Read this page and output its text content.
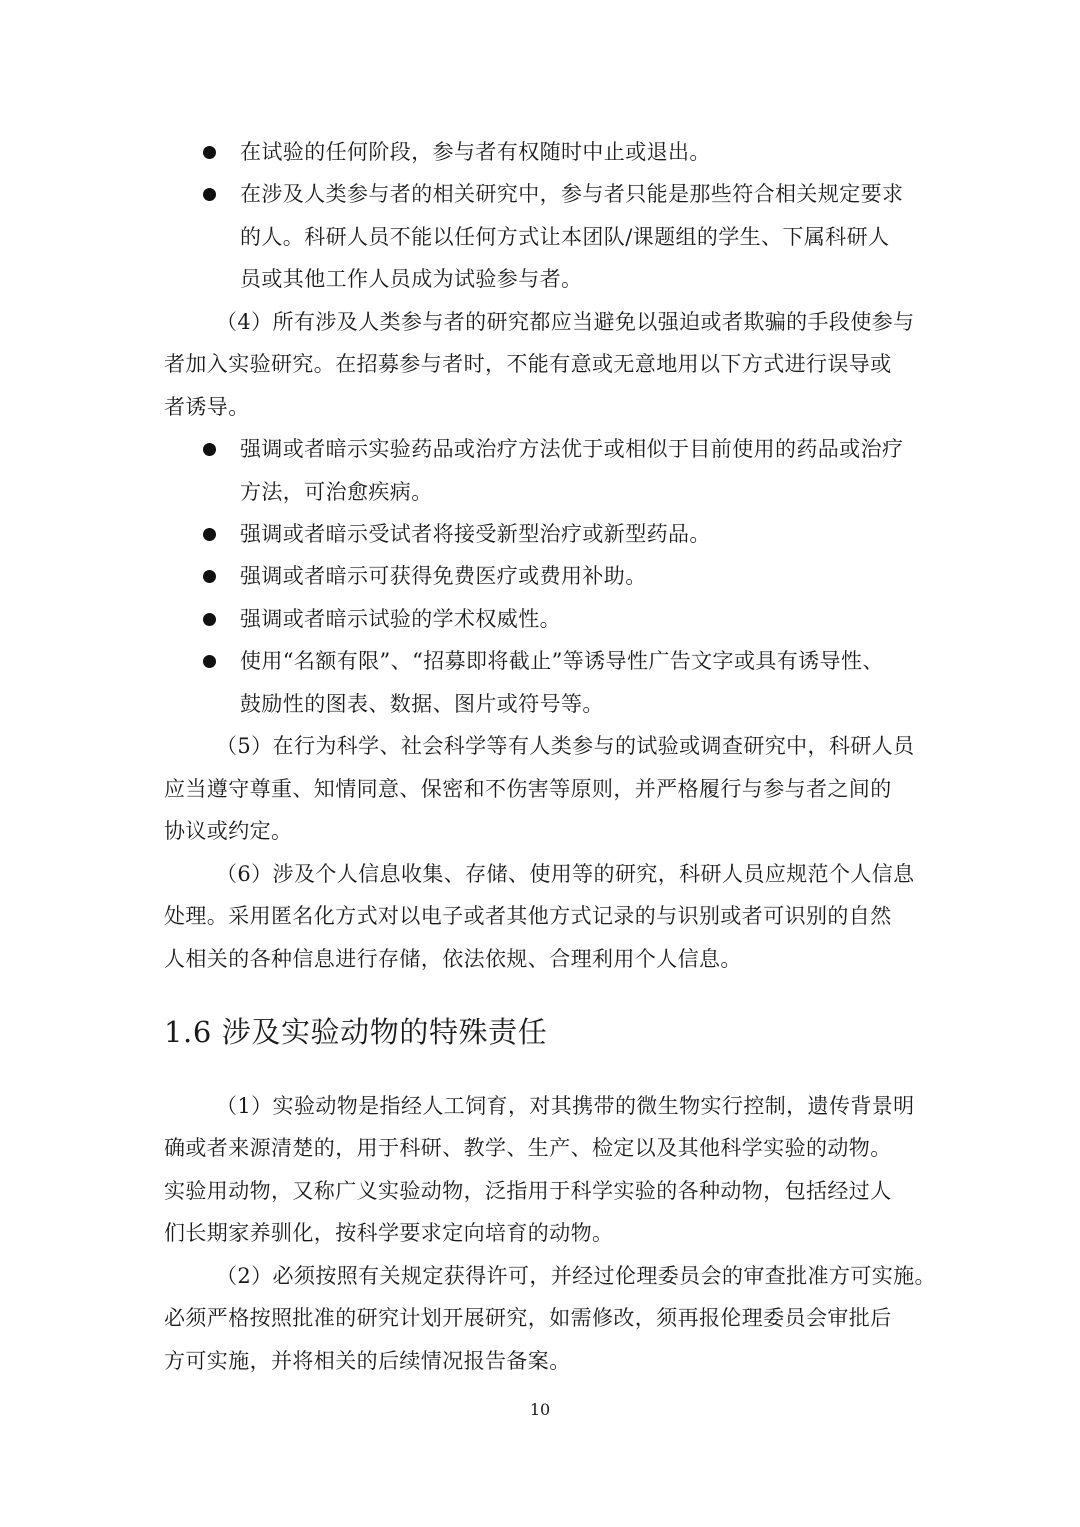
在试验的任何阶段，参与者有权随时中止或退出。
在涉及人类参与者的相关研究中，参与者只能是那些符合相关规定要求
的人。科研人员不能以任何方式让本团队/课题组的学生、下属科研人
员或其他工作人员成为试验参与者。
（4）所有涉及人类参与者的研究都应当避免以强迫或者欺骗的手段使参与
者加入实验研究。在招募参与者时，不能有意或无意地用以下方式进行误导或
者诱导。
强调或者暗示实验药品或治疗方法优于或相似于目前使用的药品或治疗
方法，可治愈疾病。
强调或者暗示受试者将接受新型治疗或新型药品。
强调或者暗示可获得免费医疗或费用补助。
强调或者暗示试验的学术权威性。
使用“名额有限”、“招募即将截止”等诱导性广告文字或具有诱导性、
鼓励性的图表、数据、图片或符号等。
（5）在行为科学、社会科学等有人类参与的试验或调查研究中，科研人员
应当遵守尊重、知情同意、保密和不伤害等原则，并严格履行与参与者之间的
协议或约定。
（6）涉及个人信息收集、存储、使用等的研究，科研人员应规范个人信息
处理。采用匿名化方式对以电子或者其他方式记录的与识别或者可识别的自然
人相关的各种信息进行存储，依法依规、合理利用个人信息。
1.6 涉及实验动物的特殊责任
（1）实验动物是指经人工饲育，对其携带的微生物实行控制，遗传背景明
确或者来源清楚的，用于科研、教学、生产、检定以及其他科学实验的动物。
实验用动物，又称广义实验动物，泛指用于科学实验的各种动物，包括经过人
们长期家养驯化，按科学要求定向培育的动物。
（2）必须按照有关规定获得许可，并经过伦理委员会的审查批准方可实施。
必须严格按照批准的研究计划开展研究，如需修改，须再报伦理委员会审批后
方可实施，并将相关的后续情况报告备案。
10
